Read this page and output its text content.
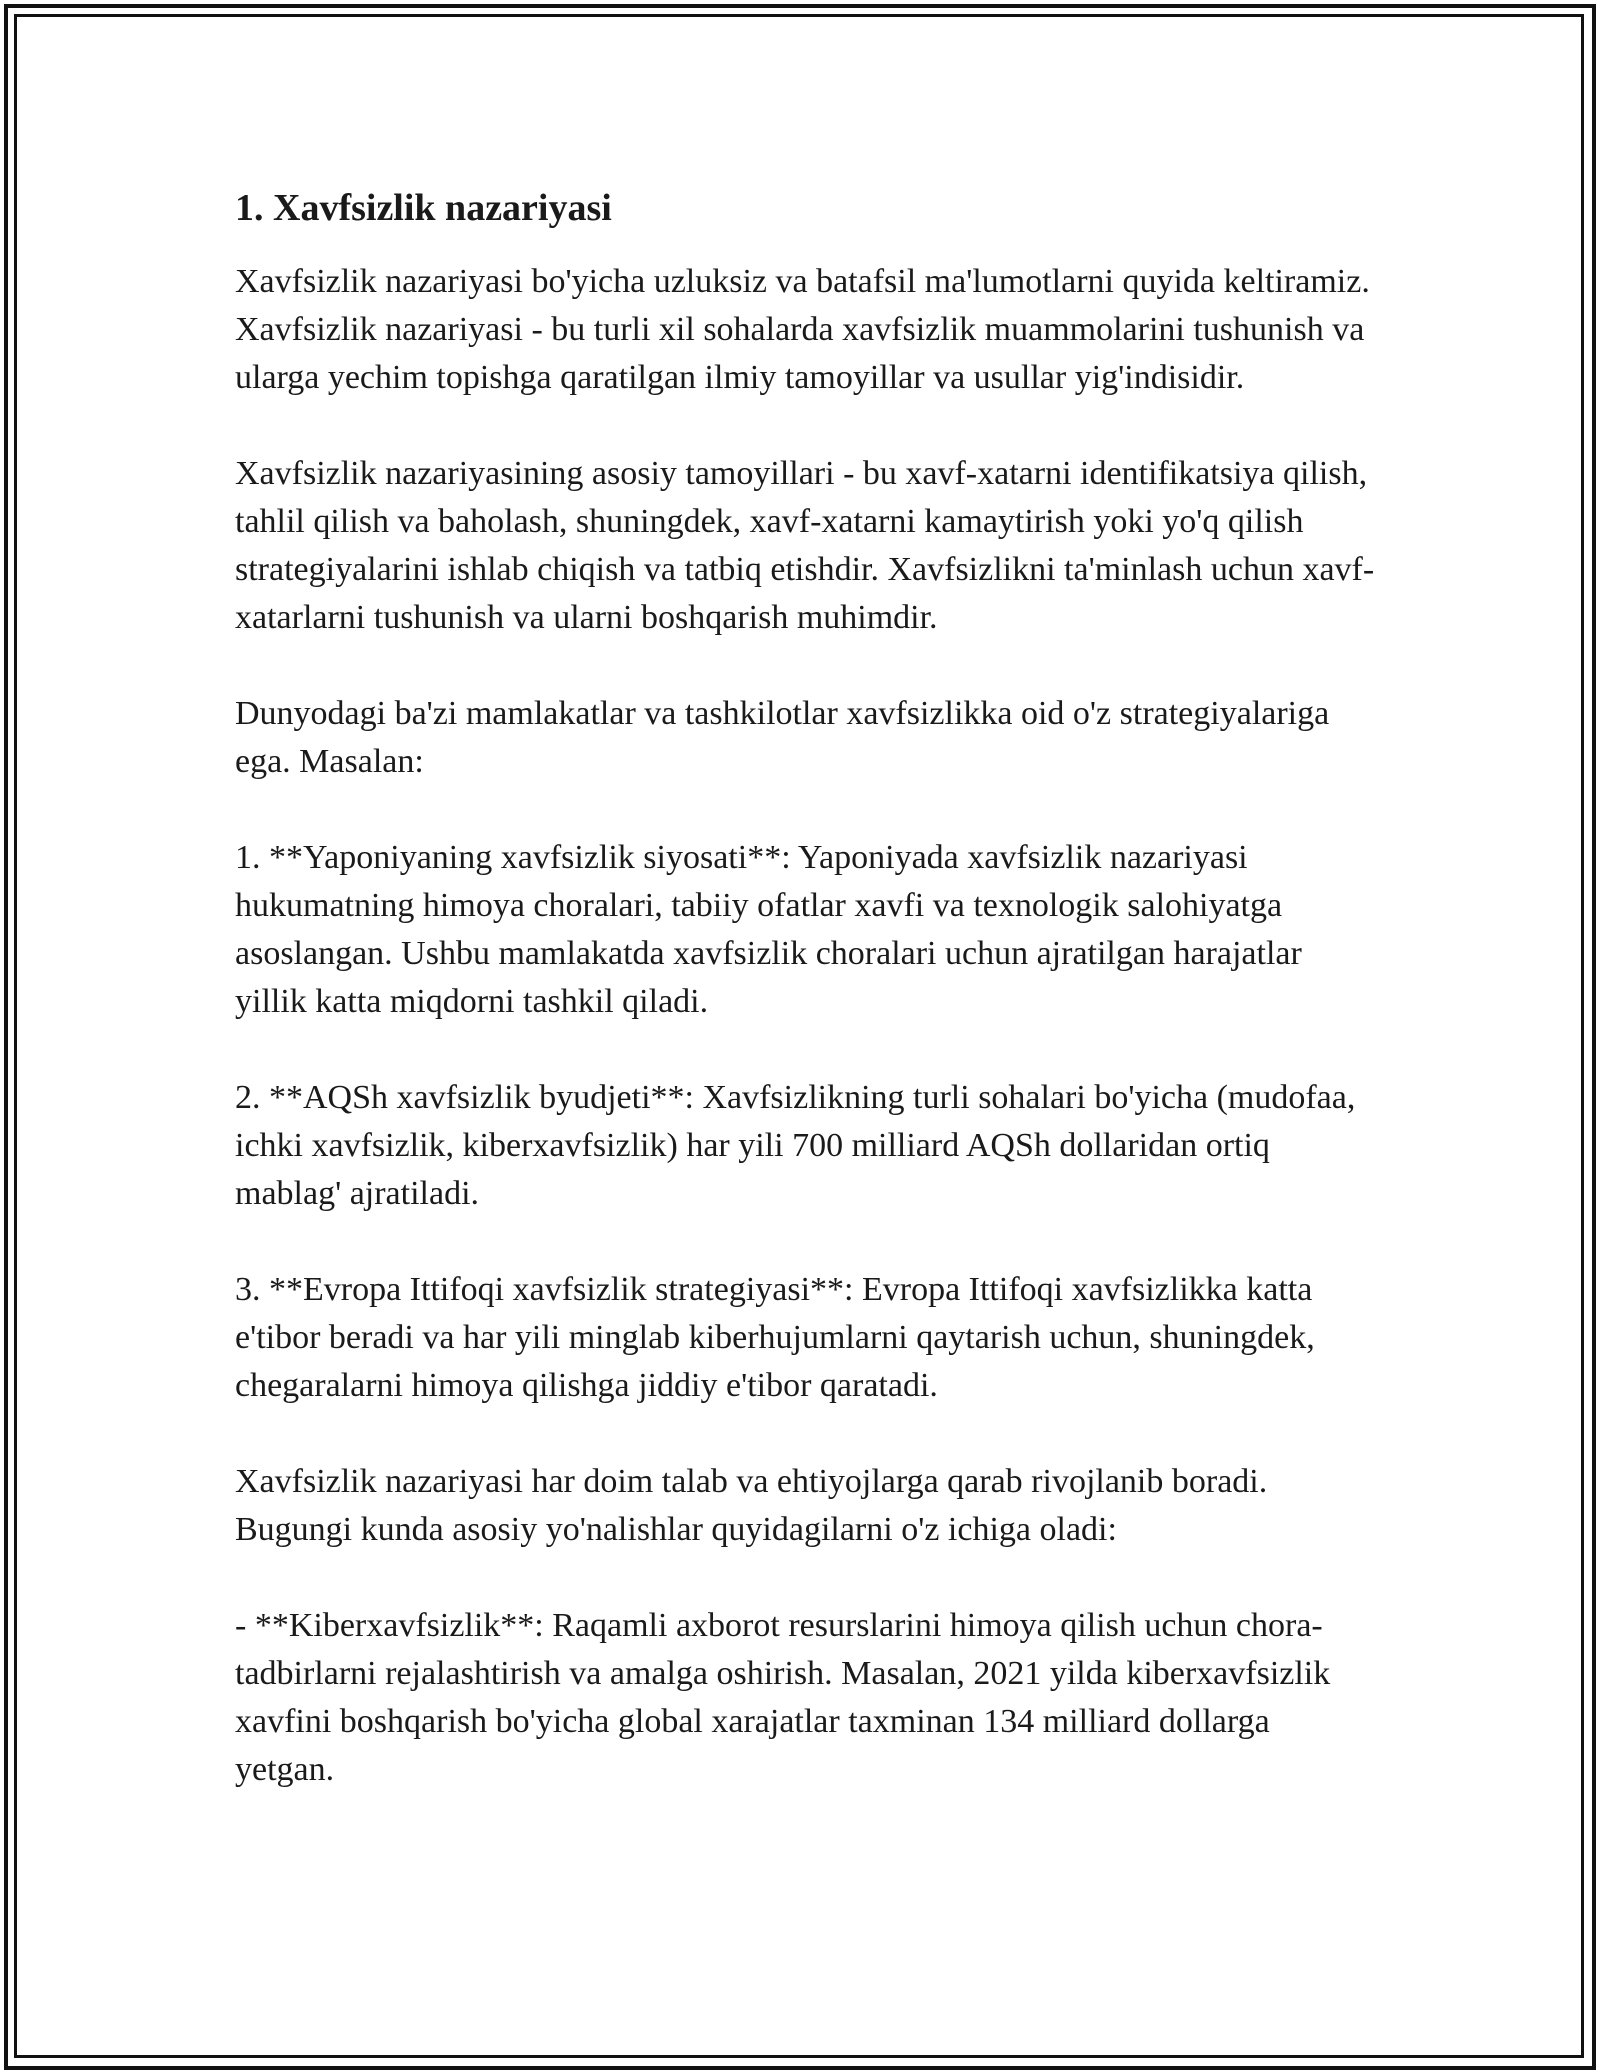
1. Xavfsizlik nazariyasi

Xavfsizlik nazariyasi bo'yicha uzluksiz va batafsil ma'lumotlarni quyida keltiramiz. Xavfsizlik nazariyasi - bu turli xil sohalarda xavfsizlik muammolarini tushunish va ularga yechim topishga qaratilgan ilmiy tamoyillar va usullar yig'indisidir.

Xavfsizlik nazariyasining asosiy tamoyillari - bu xavf-xatarni identifikatsiya qilish, tahlil qilish va baholash, shuningdek, xavf-xatarni kamaytirish yoki yo'q qilish strategiyalarini ishlab chiqish va tatbiq etishdir. Xavfsizlikni ta'minlash uchun xavf-xatarlarni tushunish va ularni boshqarish muhimdir.

Dunyodagi ba'zi mamlakatlar va tashkilotlar xavfsizlikka oid o'z strategiyalariga ega. Masalan:

1. **Yaponiyaning xavfsizlik siyosati**: Yaponiyada xavfsizlik nazariyasi hukumatning himoya choralari, tabiiy ofatlar xavfi va texnologik salohiyatga asoslangan. Ushbu mamlakatda xavfsizlik choralari uchun ajratilgan harajatlar yillik katta miqdorni tashkil qiladi.

2. **AQSh xavfsizlik byudjeti**: Xavfsizlikning turli sohalari bo'yicha (mudofaa, ichki xavfsizlik, kiberxavfsizlik) har yili 700 milliard AQSh dollaridan ortiq mablag' ajratiladi.

3. **Evropa Ittifoqi xavfsizlik strategiyasi**: Evropa Ittifoqi xavfsizlikka katta e'tibor beradi va har yili minglab kiberhujumlarni qaytarish uchun, shuningdek, chegaralarni himoya qilishga jiddiy e'tibor qaratadi.

Xavfsizlik nazariyasi har doim talab va ehtiyojlarga qarab rivojlanib boradi. Bugungi kunda asosiy yo'nalishlar quyidagilarni o'z ichiga oladi:

- **Kiberxavfsizlik**: Raqamli axborot resurslarini himoya qilish uchun chora-tadbirlarni rejalashtirish va amalga oshirish. Masalan, 2021 yilda kiberxavfsizlik xavfini boshqarish bo'yicha global xarajatlar taxminan 134 milliard dollarga yetgan.
